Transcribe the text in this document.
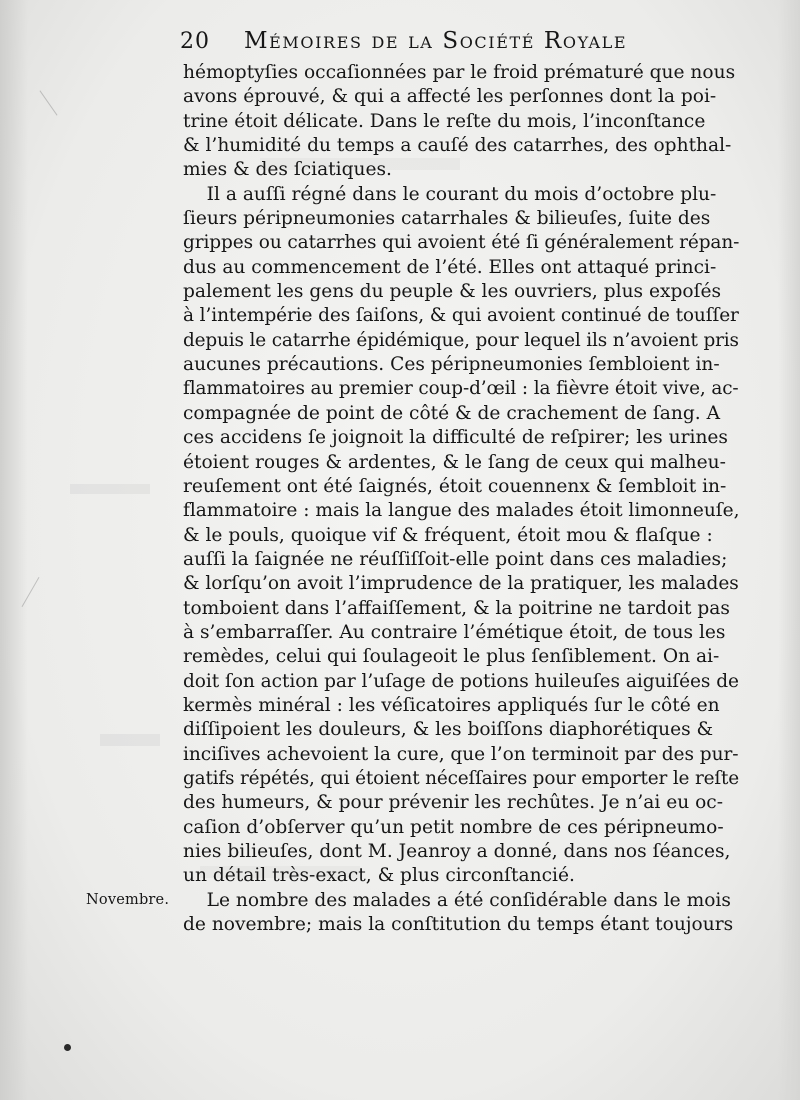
20 Mémoires de la Société Royale
Novembre.
hémoptyſies occaſionnées par le froid prématuré que nous
avons éprouvé, & qui a affecté les perſonnes dont la poi-
trine étoit délicate. Dans le reſte du mois, l’inconſtance
& l’humidité du temps a cauſé des catarrhes, des ophthal-
mies & des ſciatiques.
Il a auſſi régné dans le courant du mois d’octobre plu-
ſieurs péripneumonies catarrhales & bilieuſes, ſuite des
grippes ou catarrhes qui avoient été ſi généralement répan-
dus au commencement de l’été. Elles ont attaqué princi-
palement les gens du peuple & les ouvriers, plus expoſés
à l’intempérie des ſaiſons, & qui avoient continué de touſſer
depuis le catarrhe épidémique, pour lequel ils n’avoient pris
aucunes précautions. Ces péripneumonies ſembloient in-
flammatoires au premier coup-d’œil : la fièvre étoit vive, ac-
compagnée de point de côté & de crachement de ſang. A
ces accidens ſe joignoit la difficulté de reſpirer; les urines
étoient rouges & ardentes, & le ſang de ceux qui malheu-
reuſement ont été ſaignés, étoit couennenx & ſembloit in-
flammatoire : mais la langue des malades étoit limonneuſe,
& le pouls, quoique vif & fréquent, étoit mou & flaſque :
auſſi la ſaignée ne réuſſiſſoit-elle point dans ces maladies;
& lorſqu’on avoit l’imprudence de la pratiquer, les malades
tomboient dans l’affaiſſement, & la poitrine ne tardoit pas
à s’embarraſſer. Au contraire l’émétique étoit, de tous les
remèdes, celui qui ſoulageoit le plus ſenſiblement. On ai-
doit ſon action par l’uſage de potions huileuſes aiguiſées de
kermès minéral : les véſicatoires appliqués ſur le côté en
diſſipoient les douleurs, & les boiſſons diaphorétiques &
inciſives achevoient la cure, que l’on terminoit par des pur-
gatifs répétés, qui étoient néceſſaires pour emporter le reſte
des humeurs, & pour prévenir les rechûtes. Je n’ai eu oc-
caſion d’obſerver qu’un petit nombre de ces péripneumo-
nies bilieuſes, dont M. Jeanroy a donné, dans nos ſéances,
un détail très-exact, & plus circonſtancié.
Le nombre des malades a été conſidérable dans le mois
de novembre; mais la conſtitution du temps étant toujours
